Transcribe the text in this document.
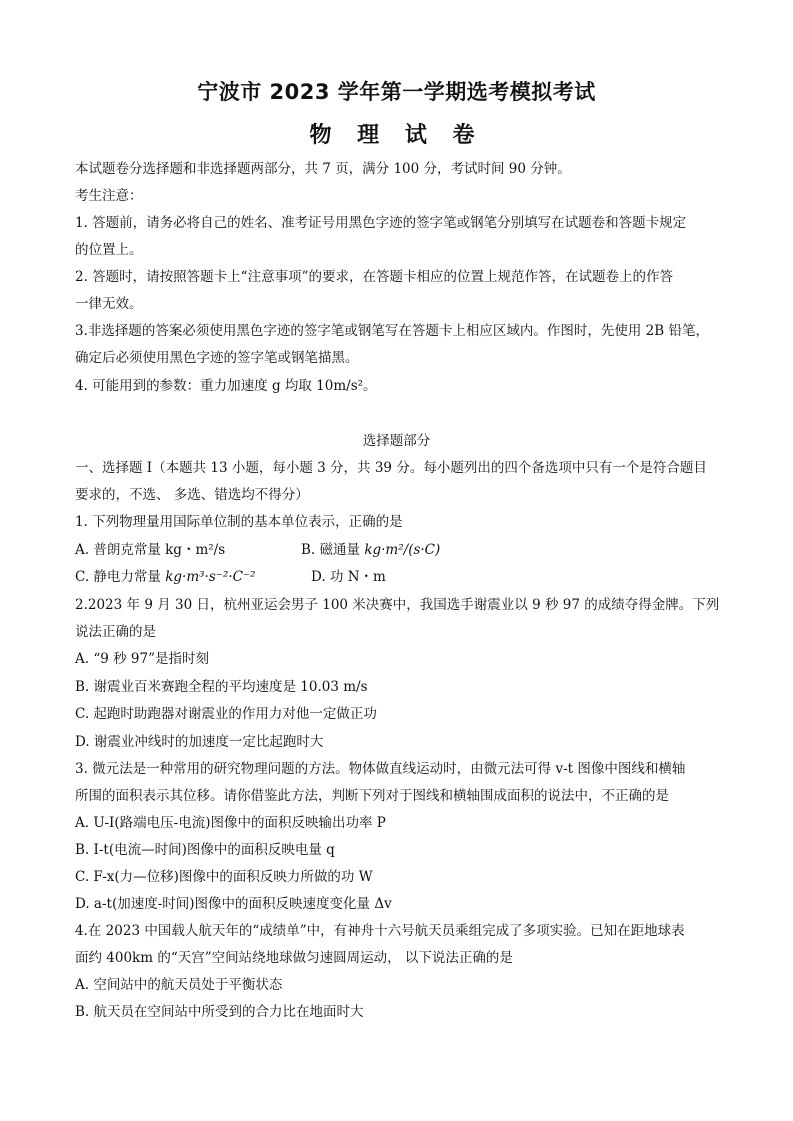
宁波市 2023 学年第一学期选考模拟考试
物 理 试 卷
本试题卷分选择题和非选择题两部分，共 7 页，满分 100 分，考试时间 90 分钟。
考生注意：
1. 答题前，请务必将自己的姓名、准考证号用黑色字迹的签字笔或钢笔分别填写在试题卷和答题卡规定
的位置上。
2. 答题时，请按照答题卡上“注意事项”的要求，在答题卡相应的位置上规范作答，在试题卷上的作答
一律无效。
3.非选择题的答案必须使用黑色字迹的签字笔或钢笔写在答题卡上相应区域内。作图时，先使用 2B 铅笔，
确定后必须使用黑色字迹的签字笔或钢笔描黑。
4. 可能用到的参数：重力加速度 g 均取 10m/s²。
选择题部分
一、选择题 I（本题共 13 小题，每小题 3 分，共 39 分。每小题列出的四个备选项中只有一个是符合题目
要求的，不选、 多选、错选均不得分）
1. 下列物理量用国际单位制的基本单位表示，正确的是
A. 普朗克常量 kg・m²/s	B. 磁通量 kg·m²/(s·C)
C. 静电力常量 kg·m³·s⁻²·C⁻²	D. 功 N・m
2.2023 年 9 月 30 日，杭州亚运会男子 100 米决赛中，我国选手谢震业以 9 秒 97 的成绩夺得金牌。下列
说法正确的是
A. “9 秒 97”是指时刻
B. 谢震业百米赛跑全程的平均速度是 10.03 m/s
C. 起跑时助跑器对谢震业的作用力对他一定做正功
D. 谢震业冲线时的加速度一定比起跑时大
3. 微元法是一种常用的研究物理问题的方法。物体做直线运动时，由微元法可得 v-t 图像中图线和横轴
所围的面积表示其位移。请你借鉴此方法，判断下列对于图线和横轴围成面积的说法中，不正确的是
A. U-I(路端电压-电流)图像中的面积反映输出功率 P
B. I-t(电流—时间)图像中的面积反映电量 q
C. F-x(力—位移)图像中的面积反映力所做的功 W
D. a-t(加速度-时间)图像中的面积反映速度变化量 Δv
4.在 2023 中国载人航天年的“成绩单”中，有神舟十六号航天员乘组完成了多项实验。已知在距地球表
面约 400km 的“天宫”空间站绕地球做匀速圆周运动， 以下说法正确的是
A. 空间站中的航天员处于平衡状态
B. 航天员在空间站中所受到的合力比在地面时大
